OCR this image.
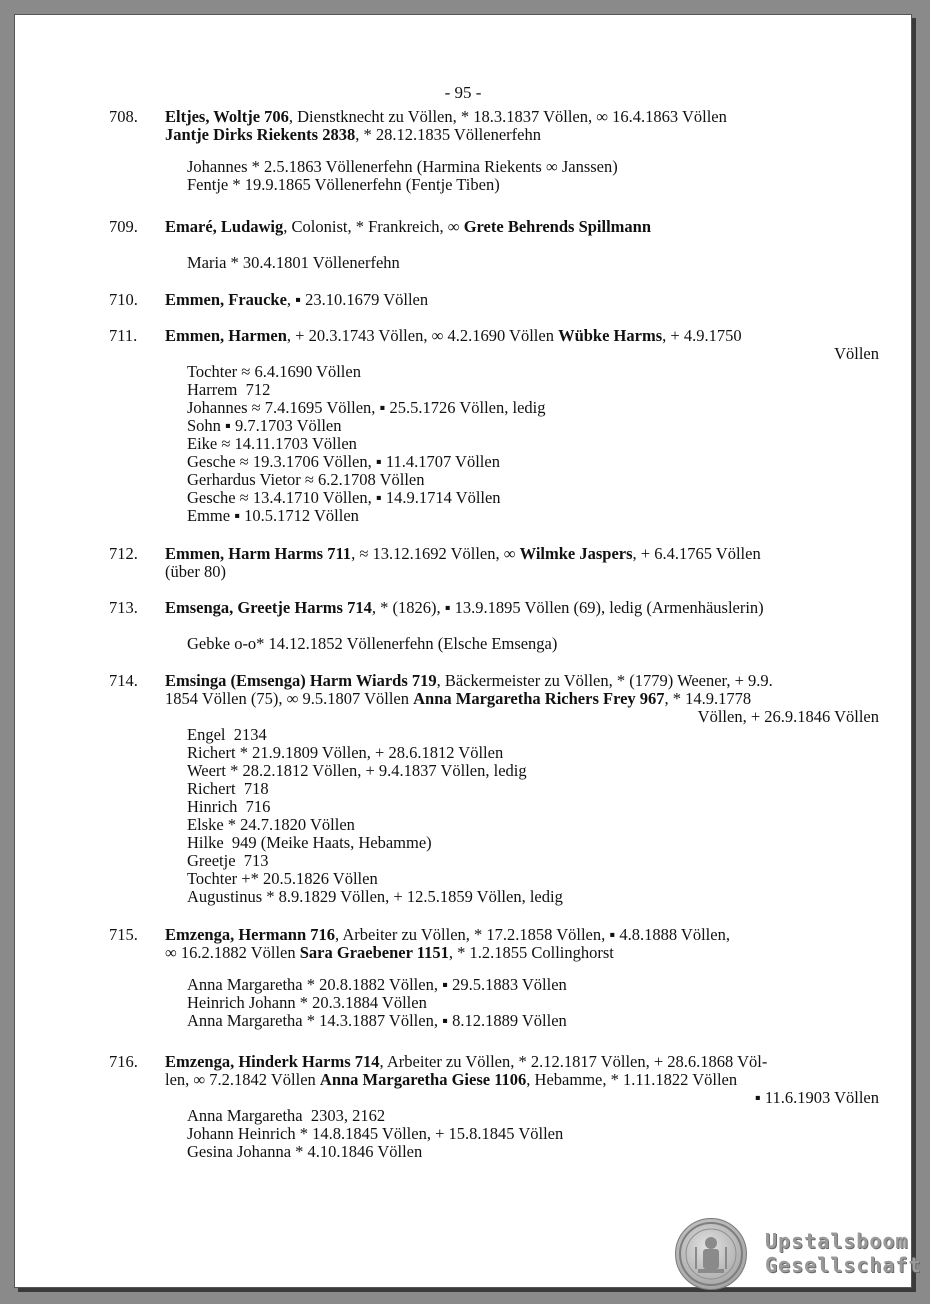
- 95 -
708. Eltjes, Woltje 706, Dienstknecht zu Völlen, * 18.3.1837 Völlen, ∞ 16.4.1863 Völlen
Jantje Dirks Riekents 2838, * 28.12.1835 Völlenerfehn
Johannes * 2.5.1863 Völlenerfehn (Harmina Riekents ∞ Janssen)
Fentje * 19.9.1865 Völlenerfehn (Fentje Tiben)
709. Emaré, Ludawig, Colonist, * Frankreich, ∞ Grete Behrends Spillmann
Maria * 30.4.1801 Völlenerfehn
710. Emmen, Fraucke, ▪ 23.10.1679 Völlen
711. Emmen, Harmen, + 20.3.1743 Völlen, ∞ 4.2.1690 Völlen Wübke Harms, + 4.9.1750
Völlen
Tochter ≈ 6.4.1690 Völlen
Harrem  712
Johannes ≈ 7.4.1695 Völlen, ▪ 25.5.1726 Völlen, ledig
Sohn ▪ 9.7.1703 Völlen
Eike ≈ 14.11.1703 Völlen
Gesche ≈ 19.3.1706 Völlen, ▪ 11.4.1707 Völlen
Gerhardus Vietor ≈ 6.2.1708 Völlen
Gesche ≈ 13.4.1710 Völlen, ▪ 14.9.1714 Völlen
Emme ▪ 10.5.1712 Völlen
712. Emmen, Harm Harms 711, ≈ 13.12.1692 Völlen, ∞ Wilmke Jaspers, + 6.4.1765 Völlen
(über 80)
713. Emsenga, Greetje Harms 714, * (1826), ▪ 13.9.1895 Völlen (69), ledig (Armenhäuslerin)
Gebke o-o* 14.12.1852 Völlenerfehn (Elsche Emsenga)
714. Emsinga (Emsenga) Harm Wiards 719, Bäckermeister zu Völlen, * (1779) Weener, + 9.9.
1854 Völlen (75), ∞ 9.5.1807 Völlen Anna Margaretha Richers Frey 967, * 14.9.1778
Völlen, + 26.9.1846 Völlen
Engel  2134
Richert * 21.9.1809 Völlen, + 28.6.1812 Völlen
Weert * 28.2.1812 Völlen, + 9.4.1837 Völlen, ledig
Richert  718
Hinrich  716
Elske * 24.7.1820 Völlen
Hilke  949 (Meike Haats, Hebamme)
Greetje  713
Tochter +* 20.5.1826 Völlen
Augustinus * 8.9.1829 Völlen, + 12.5.1859 Völlen, ledig
715. Emzenga, Hermann 716, Arbeiter zu Völlen, * 17.2.1858 Völlen, ▪ 4.8.1888 Völlen,
∞ 16.2.1882 Völlen Sara Graebener 1151, * 1.2.1855 Collinghorst
Anna Margaretha * 20.8.1882 Völlen, ▪ 29.5.1883 Völlen
Heinrich Johann * 20.3.1884 Völlen
Anna Margaretha * 14.3.1887 Völlen, ▪ 8.12.1889 Völlen
716. Emzenga, Hinderk Harms 714, Arbeiter zu Völlen, * 2.12.1817 Völlen, + 28.6.1868 Völ-
len, ∞ 7.2.1842 Völlen Anna Margaretha Giese 1106, Hebamme, * 1.11.1822 Völlen
▪ 11.6.1903 Völlen
Anna Margaretha  2303, 2162
Johann Heinrich * 14.8.1845 Völlen, + 15.8.1845 Völlen
Gesina Johanna * 4.10.1846 Völlen
Upstalsboom
Gesellschaft
